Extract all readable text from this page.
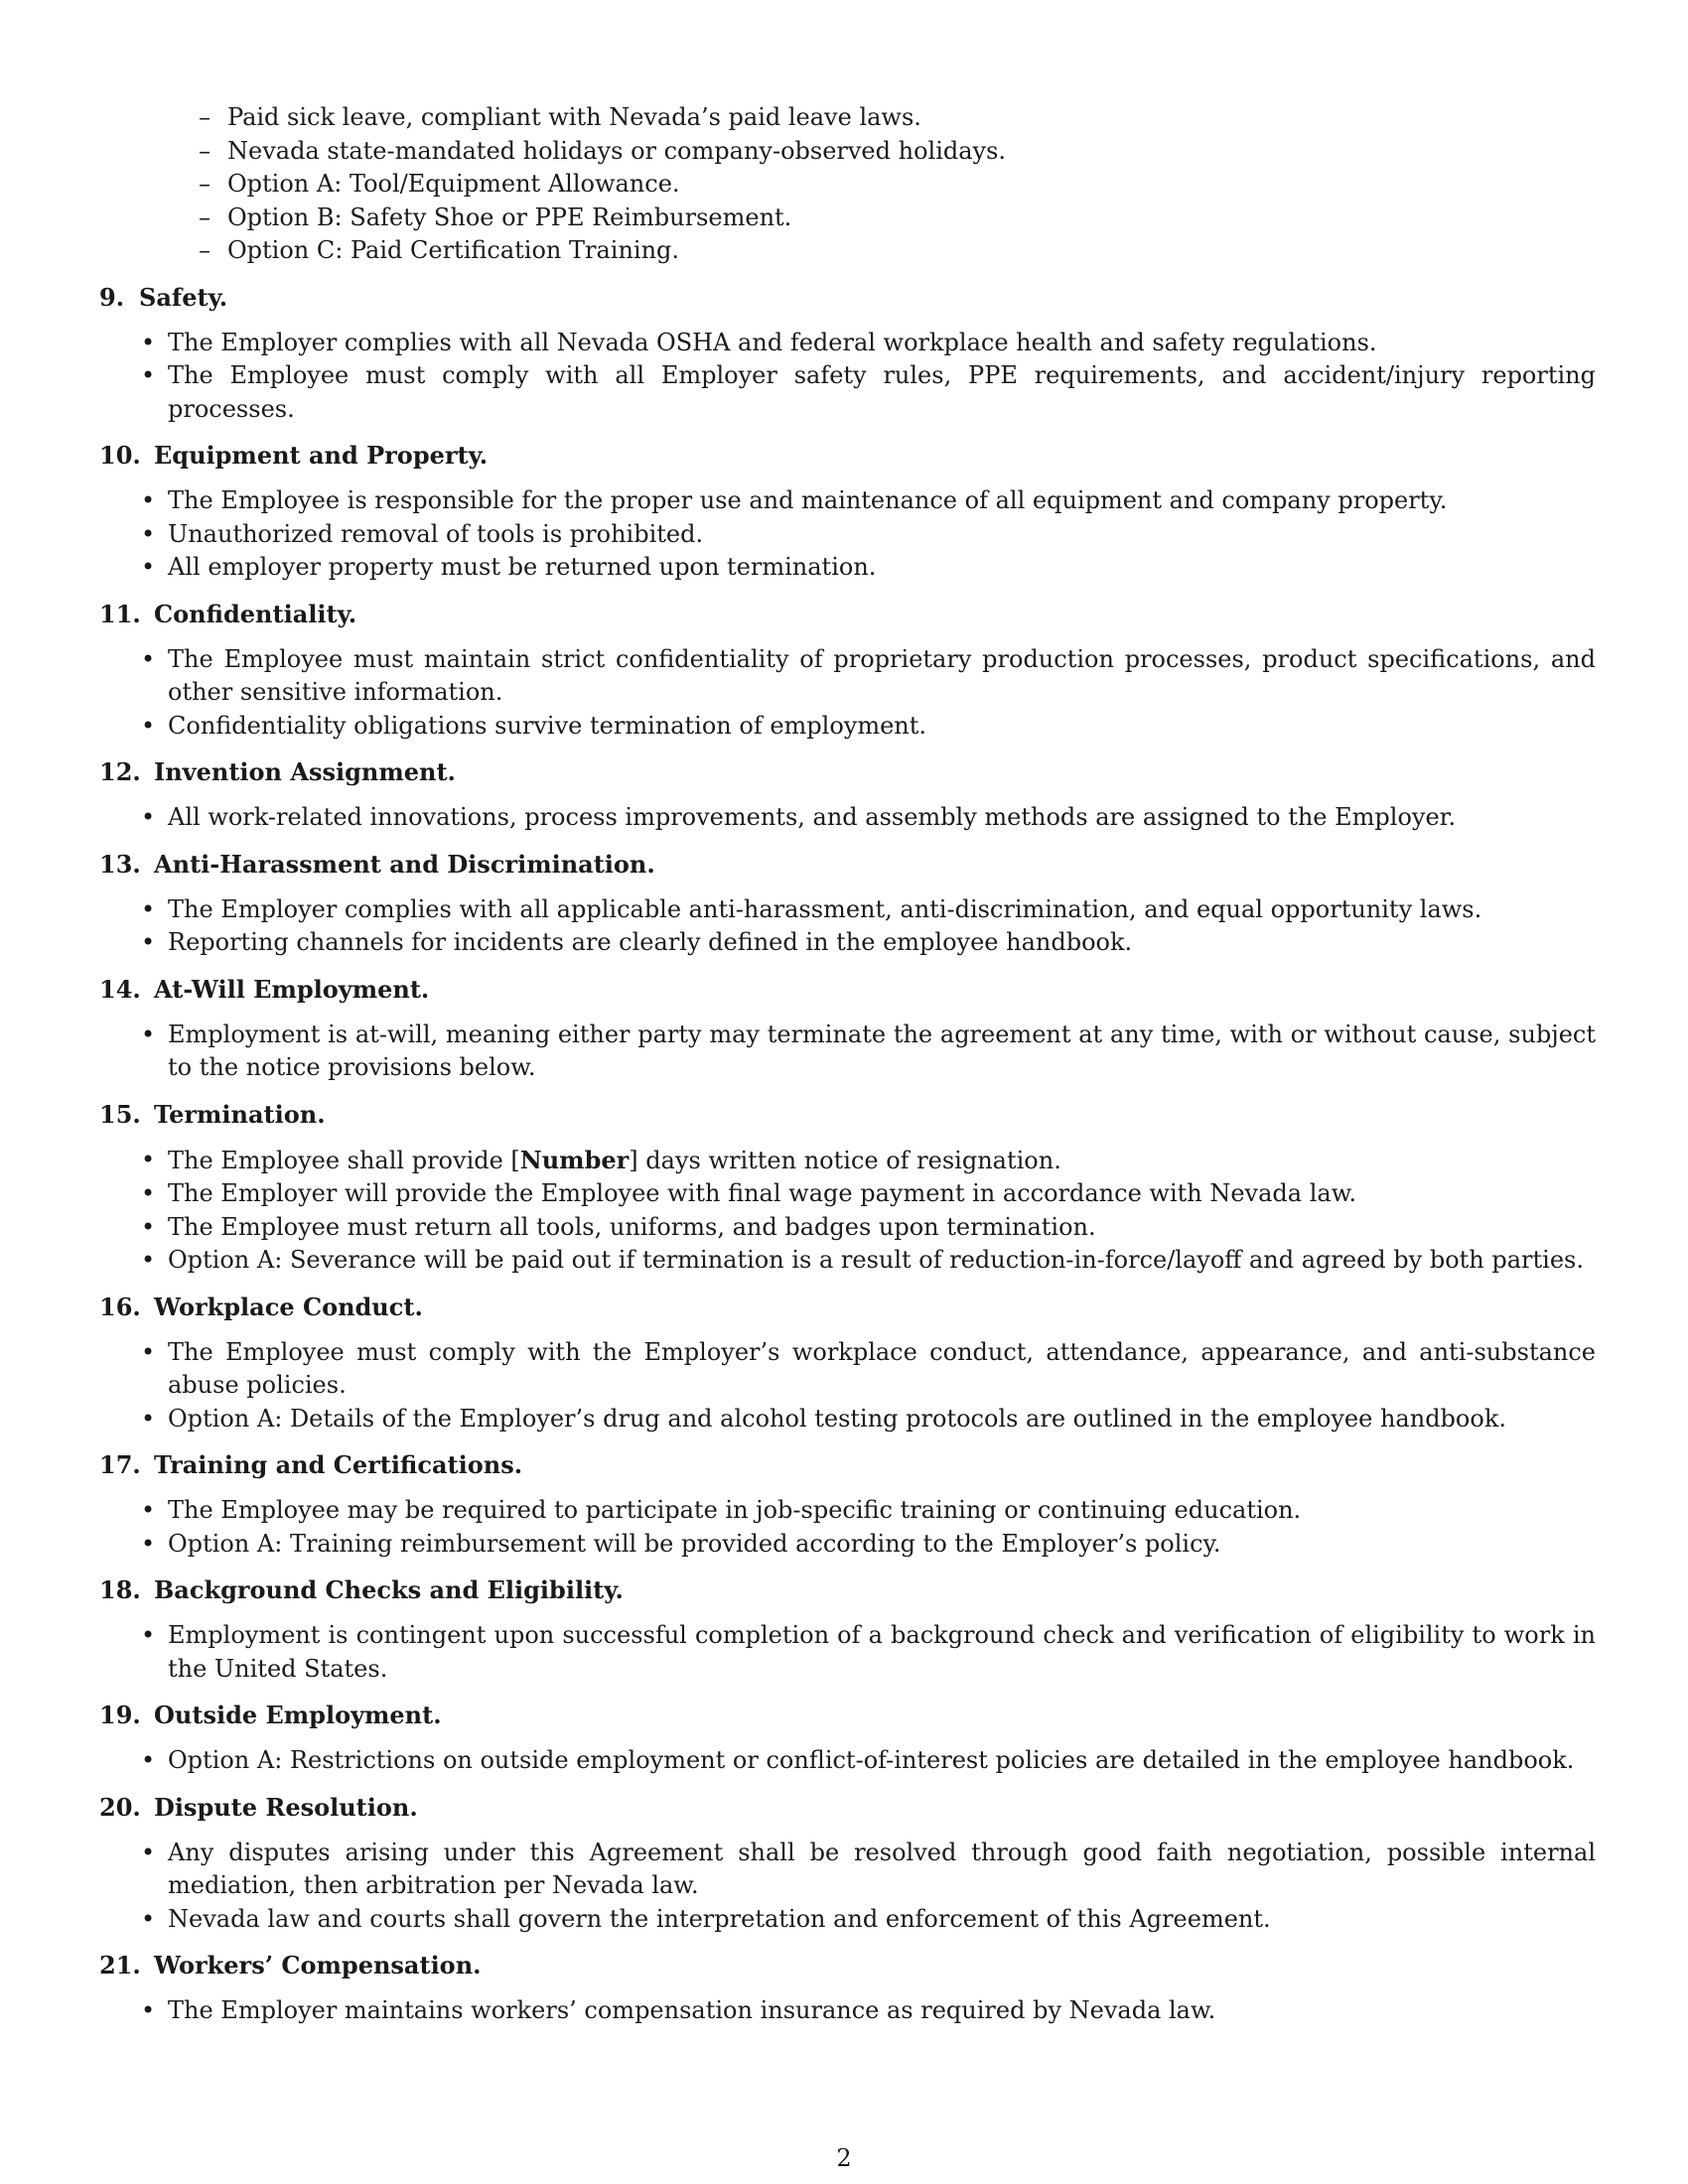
– Paid sick leave, compliant with Nevada’s paid leave laws.
– Nevada state-mandated holidays or company-observed holidays.
– Option A: Tool/Equipment Allowance.
– Option B: Safety Shoe or PPE Reimbursement.
– Option C: Paid Certification Training.
9. Safety.
• The Employer complies with all Nevada OSHA and federal workplace health and safety regulations.
• The Employee must comply with all Employer safety rules, PPE requirements, and accident/injury reporting processes.
10. Equipment and Property.
• The Employee is responsible for the proper use and maintenance of all equipment and company property.
• Unauthorized removal of tools is prohibited.
• All employer property must be returned upon termination.
11. Confidentiality.
• The Employee must maintain strict confidentiality of proprietary production processes, product specifications, and other sensitive information.
• Confidentiality obligations survive termination of employment.
12. Invention Assignment.
• All work-related innovations, process improvements, and assembly methods are assigned to the Employer.
13. Anti-Harassment and Discrimination.
• The Employer complies with all applicable anti-harassment, anti-discrimination, and equal opportunity laws.
• Reporting channels for incidents are clearly defined in the employee handbook.
14. At-Will Employment.
• Employment is at-will, meaning either party may terminate the agreement at any time, with or without cause, subject to the notice provisions below.
15. Termination.
• The Employee shall provide [Number] days written notice of resignation.
• The Employer will provide the Employee with final wage payment in accordance with Nevada law.
• The Employee must return all tools, uniforms, and badges upon termination.
• Option A: Severance will be paid out if termination is a result of reduction-in-force/layoff and agreed by both parties.
16. Workplace Conduct.
• The Employee must comply with the Employer’s workplace conduct, attendance, appearance, and anti-substance abuse policies.
• Option A: Details of the Employer’s drug and alcohol testing protocols are outlined in the employee handbook.
17. Training and Certifications.
• The Employee may be required to participate in job-specific training or continuing education.
• Option A: Training reimbursement will be provided according to the Employer’s policy.
18. Background Checks and Eligibility.
• Employment is contingent upon successful completion of a background check and verification of eligibility to work in the United States.
19. Outside Employment.
• Option A: Restrictions on outside employment or conflict-of-interest policies are detailed in the employee handbook.
20. Dispute Resolution.
• Any disputes arising under this Agreement shall be resolved through good faith negotiation, possible internal mediation, then arbitration per Nevada law.
• Nevada law and courts shall govern the interpretation and enforcement of this Agreement.
21. Workers’ Compensation.
• The Employer maintains workers’ compensation insurance as required by Nevada law.
2
